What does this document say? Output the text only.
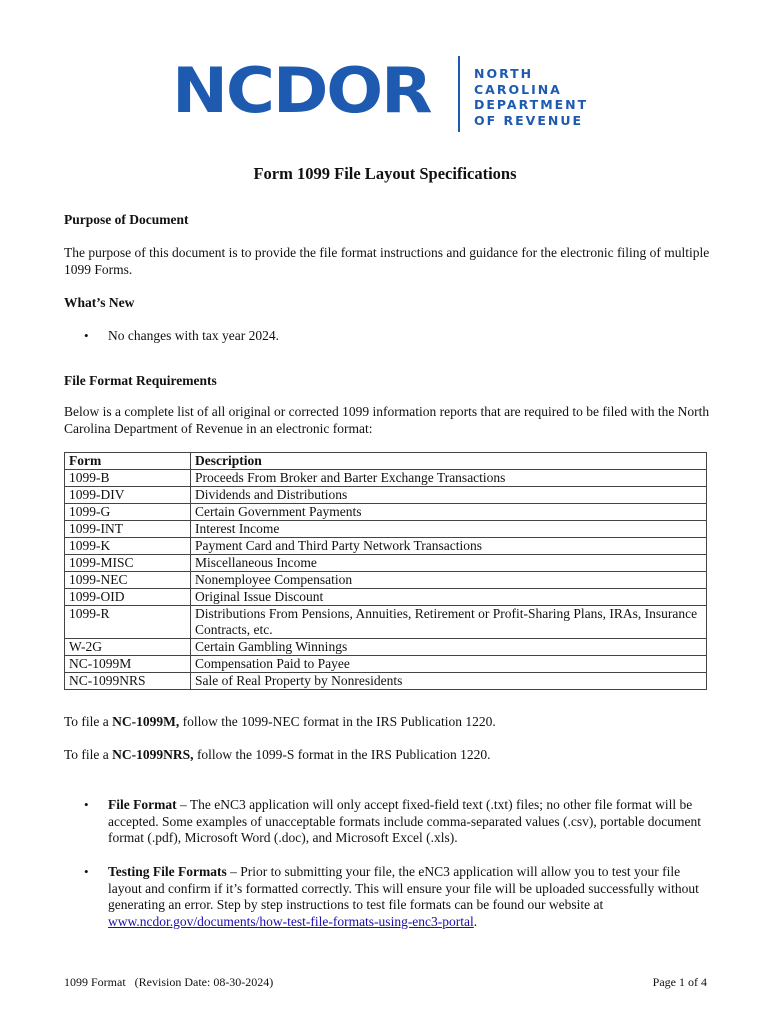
NCDOR	NORTH
CAROLINA
DEPARTMENT
OF REVENUE
Form 1099 File Layout Specifications
Purpose of Document
The purpose of this document is to provide the file format instructions and guidance for the electronic filing of multiple 1099 Forms.
What’s New
•	No changes with tax year 2024.
File Format Requirements
Below is a complete list of all original or corrected 1099 information reports that are required to be filed with the North Carolina Department of Revenue in an electronic format:
Form	Description
1099-B	Proceeds From Broker and Barter Exchange Transactions
1099-DIV	Dividends and Distributions
1099-G	Certain Government Payments
1099-INT	Interest Income
1099-K	Payment Card and Third Party Network Transactions
1099-MISC	Miscellaneous Income
1099-NEC	Nonemployee Compensation
1099-OID	Original Issue Discount
1099-R	Distributions From Pensions, Annuities, Retirement or Profit-Sharing Plans, IRAs, Insurance Contracts, etc.
W-2G	Certain Gambling Winnings
NC-1099M	Compensation Paid to Payee
NC-1099NRS	Sale of Real Property by Nonresidents
To file a NC-1099M, follow the 1099-NEC format in the IRS Publication 1220.
To file a NC-1099NRS, follow the 1099-S format in the IRS Publication 1220.
•	File Format – The eNC3 application will only accept fixed-field text (.txt) files; no other file format will be accepted. Some examples of unacceptable formats include comma-separated values (.csv), portable document format (.pdf), Microsoft Word (.doc), and Microsoft Excel (.xls).
•	Testing File Formats – Prior to submitting your file, the eNC3 application will allow you to test your file layout and confirm if it’s formatted correctly. This will ensure your file will be uploaded successfully without generating an error. Step by step instructions to test file formats can be found our website at www.ncdor.gov/documents/how-test-file-formats-using-enc3-portal.
1099 Format   (Revision Date: 08-30-2024)	Page 1 of 4
